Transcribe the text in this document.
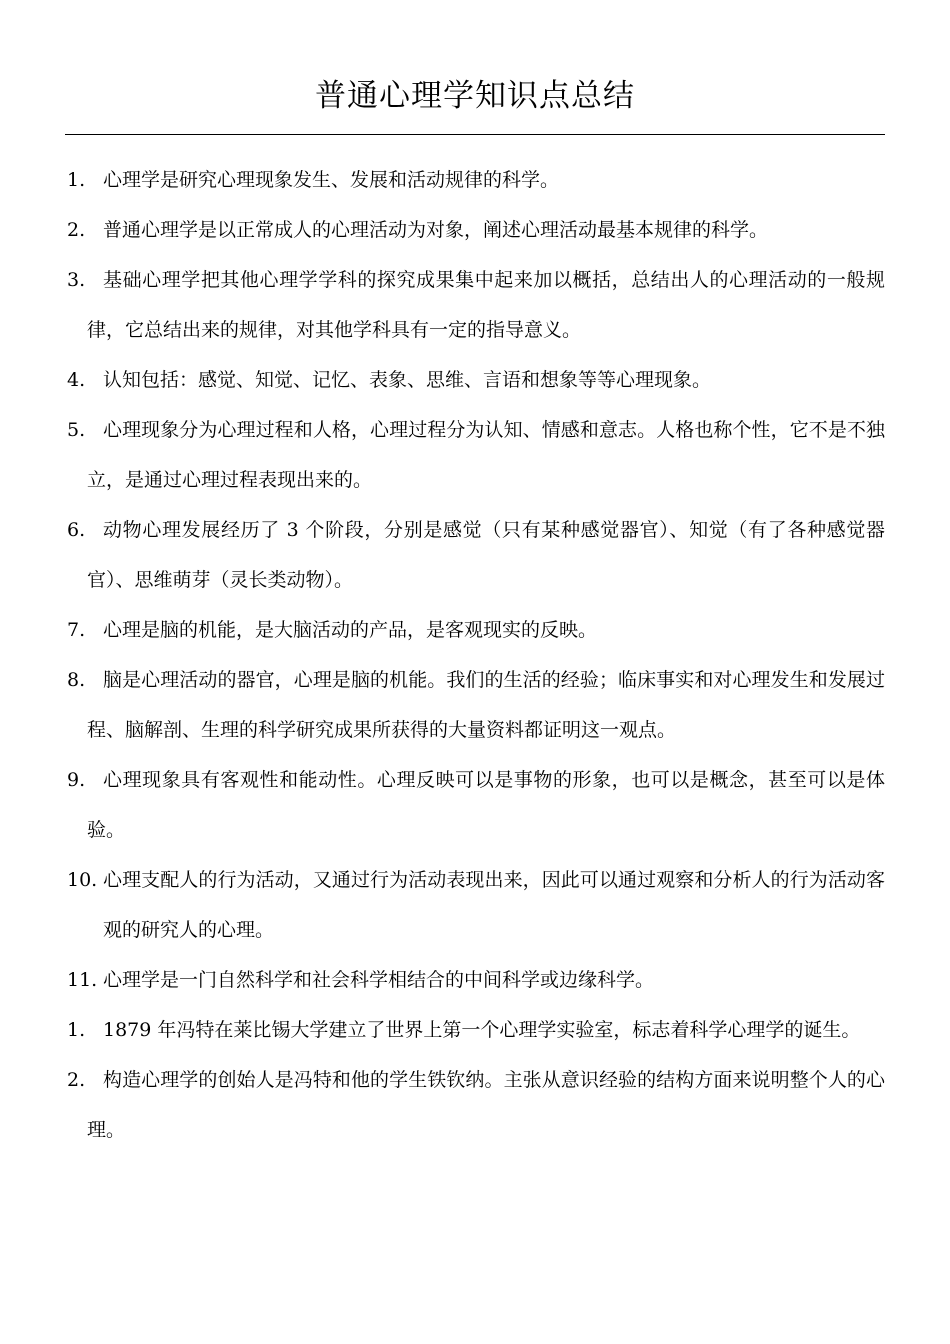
普通心理学知识点总结
1. 心理学是研究心理现象发生、发展和活动规律的科学。
2. 普通心理学是以正常成人的心理活动为对象，阐述心理活动最基本规律的科学。
3. 基础心理学把其他心理学学科的探究成果集中起来加以概括，总结出人的心理活动的一般规律，它总结出来的规律，对其他学科具有一定的指导意义。
4. 认知包括：感觉、知觉、记忆、表象、思维、言语和想象等等心理现象。
5. 心理现象分为心理过程和人格，心理过程分为认知、情感和意志。人格也称个性，它不是不独立，是通过心理过程表现出来的。
6. 动物心理发展经历了 3 个阶段，分别是感觉（只有某种感觉器官）、知觉（有了各种感觉器官）、思维萌芽（灵长类动物）。
7. 心理是脑的机能，是大脑活动的产品，是客观现实的反映。
8. 脑是心理活动的器官，心理是脑的机能。我们的生活的经验；临床事实和对心理发生和发展过程、脑解剖、生理的科学研究成果所获得的大量资料都证明这一观点。
9. 心理现象具有客观性和能动性。心理反映可以是事物的形象，也可以是概念，甚至可以是体验。
10. 心理支配人的行为活动，又通过行为活动表现出来，因此可以通过观察和分析人的行为活动客观的研究人的心理。
11. 心理学是一门自然科学和社会科学相结合的中间科学或边缘科学。
1. 1879 年冯特在莱比锡大学建立了世界上第一个心理学实验室，标志着科学心理学的诞生。
2. 构造心理学的创始人是冯特和他的学生铁钦纳。主张从意识经验的结构方面来说明整个人的心理。
